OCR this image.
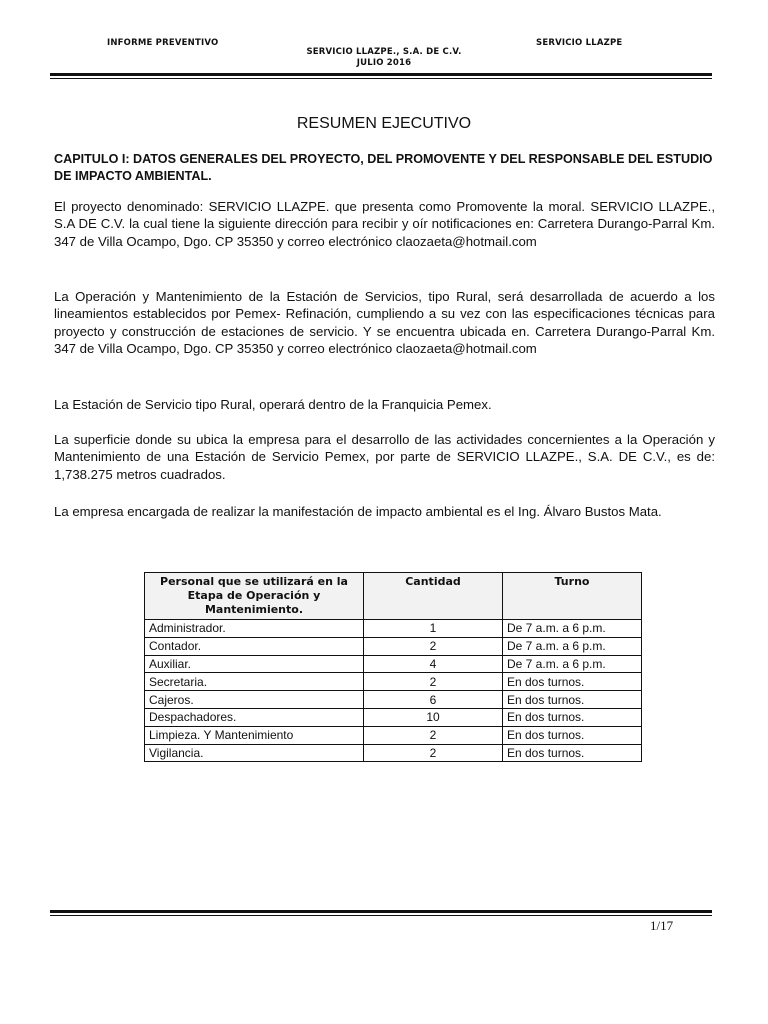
INFORME PREVENTIVO	SERVICIO LLAZPE
SERVICIO LLAZPE., S.A. DE C.V.
JULIO 2016
RESUMEN EJECUTIVO
CAPITULO I: DATOS GENERALES DEL PROYECTO, DEL PROMOVENTE Y DEL RESPONSABLE DEL ESTUDIO DE IMPACTO AMBIENTAL.
El proyecto denominado: SERVICIO LLAZPE. que presenta como Promovente la moral. SERVICIO LLAZPE., S.A DE C.V. la cual tiene la siguiente dirección para recibir y oír notificaciones en: Carretera Durango-Parral Km. 347 de Villa Ocampo, Dgo. CP 35350 y correo electrónico claozaeta@hotmail.com
La Operación y Mantenimiento de la Estación de Servicios, tipo Rural, será desarrollada de acuerdo a los lineamientos establecidos por Pemex- Refinación, cumpliendo a su vez con las especificaciones técnicas para proyecto y construcción de estaciones de servicio. Y se encuentra ubicada en. Carretera Durango-Parral Km. 347 de Villa Ocampo, Dgo. CP 35350 y correo electrónico claozaeta@hotmail.com
La Estación de Servicio tipo Rural, operará dentro de la Franquicia Pemex.
La superficie donde su ubica la empresa para el desarrollo de las actividades concernientes a la Operación y Mantenimiento de una Estación de Servicio Pemex, por parte de SERVICIO LLAZPE., S.A. DE C.V., es de: 1,738.275 metros cuadrados.
La empresa encargada de realizar la manifestación de impacto ambiental es el Ing. Álvaro Bustos Mata.
Personal que se utilizará en la Etapa de Operación y Mantenimiento.	Cantidad	Turno
Administrador.	1	De 7 a.m. a 6 p.m.
Contador.	2	De 7 a.m. a 6 p.m.
Auxiliar.	4	De 7 a.m. a 6 p.m.
Secretaria.	2	En dos turnos.
Cajeros.	6	En dos turnos.
Despachadores.	10	En dos turnos.
Limpieza. Y Mantenimiento	2	En dos turnos.
Vigilancia.	2	En dos turnos.
1/17
